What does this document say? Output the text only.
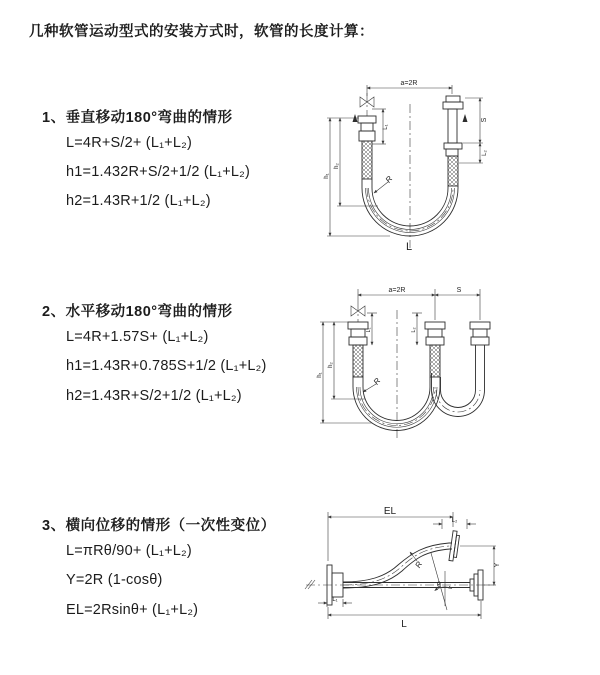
几种软管运动型式的安装方式时，软管的长度计算：
1、垂直移动180°弯曲的情形
L=4R+S/2+ (L₁+L₂)
h1=1.432R+S/2+1/2 (L₁+L₂)
h2=1.43R+1/2 (L₁+L₂)
2、水平移动180°弯曲的情形
L=4R+1.57S+ (L₁+L₂)
h1=1.43R+0.785S+1/2 (L₁+L₂)
h2=1.43R+S/2+1/2 (L₁+L₂)
3、横向位移的情形（一次性变位）
L=πRθ/90+ (L₁+L₂)
Y=2R (1-cosθ)
EL=2Rsinθ+ (L₁+L₂)
a=2R
S
L₂
h₁
h₂
L₁
R
L
a=2R	S
h₁
h₂
L₁	L₂
R
EL
L₂
Y
θ
L
L₁
R
